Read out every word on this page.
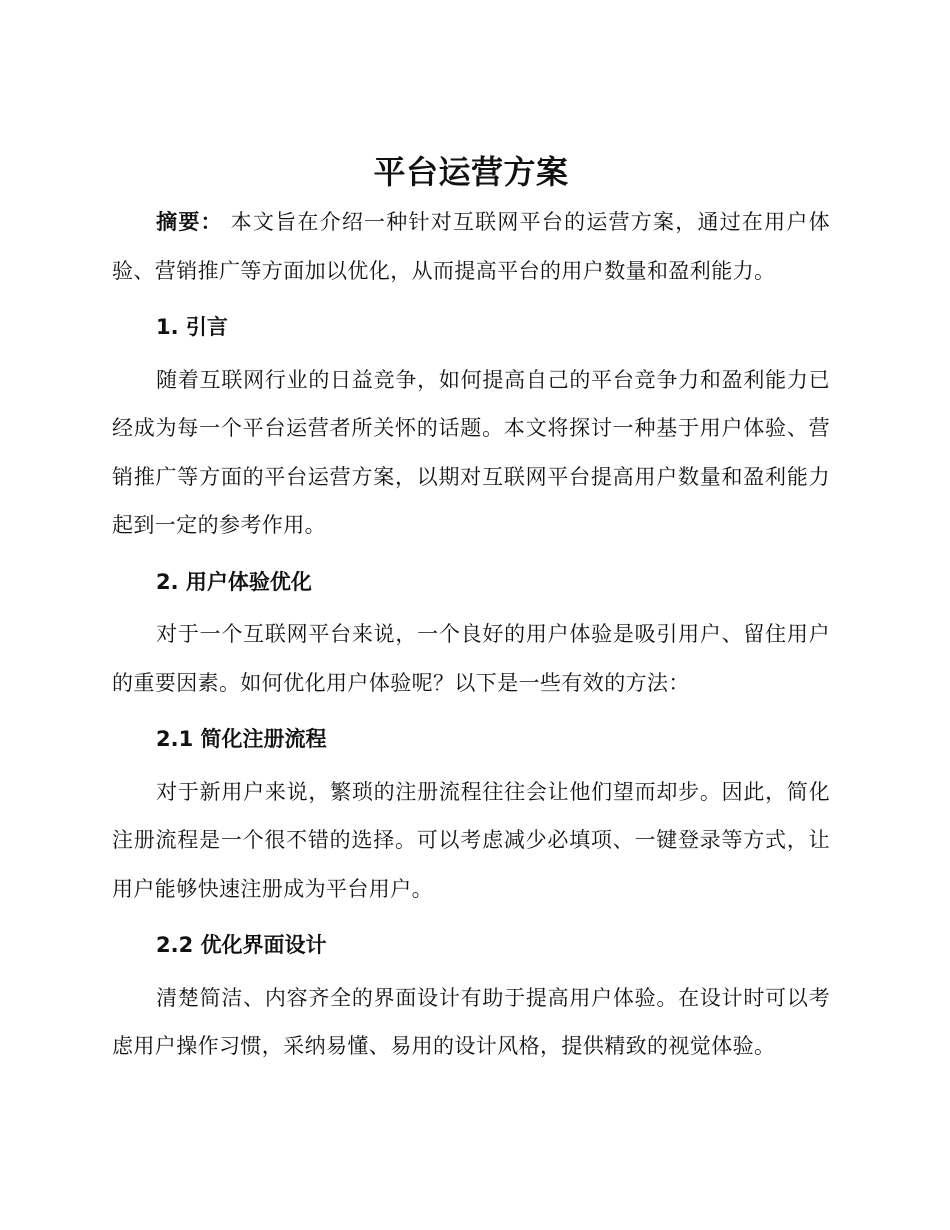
平台运营方案

摘要： 本文旨在介绍一种针对互联网平台的运营方案，通过在用户体验、营销推广等方面加以优化，从而提高平台的用户数量和盈利能力。

1. 引言

随着互联网行业的日益竞争，如何提高自己的平台竞争力和盈利能力已经成为每一个平台运营者所关怀的话题。本文将探讨一种基于用户体验、营销推广等方面的平台运营方案，以期对互联网平台提高用户数量和盈利能力起到一定的参考作用。

2. 用户体验优化

对于一个互联网平台来说，一个良好的用户体验是吸引用户、留住用户的重要因素。如何优化用户体验呢？以下是一些有效的方法：

2.1 简化注册流程

对于新用户来说，繁琐的注册流程往往会让他们望而却步。因此，简化注册流程是一个很不错的选择。可以考虑减少必填项、一键登录等方式，让用户能够快速注册成为平台用户。

2.2 优化界面设计

清楚简洁、内容齐全的界面设计有助于提高用户体验。在设计时可以考虑用户操作习惯，采纳易懂、易用的设计风格，提供精致的视觉体验。
